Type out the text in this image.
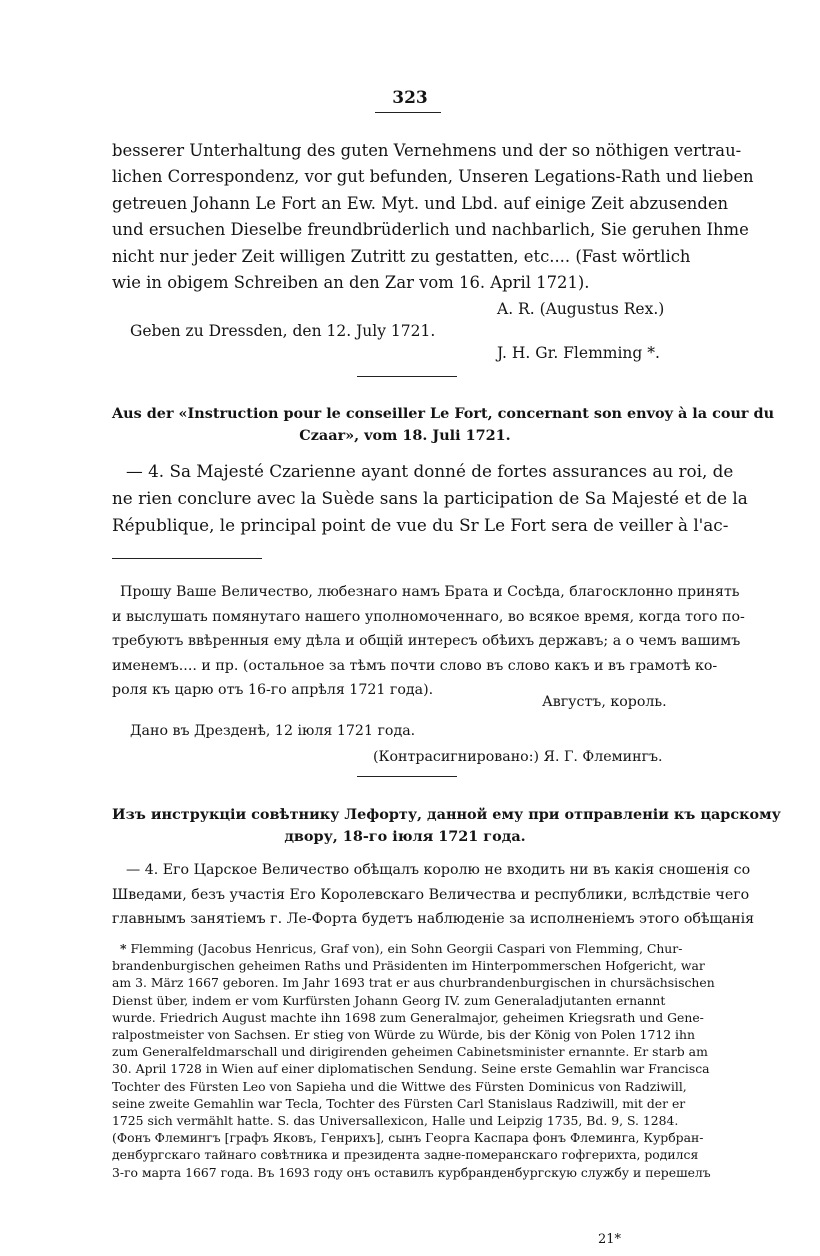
323
besserer Unterhaltung des guten Vernehmens und der so nöthigen vertrau-
lichen Correspondenz, vor gut befunden, Unseren Legations-Rath und lieben
getreuen Johann Le Fort an Ew. Myt. und Lbd. auf einige Zeit abzusenden
und ersuchen Dieselbe freundbrüderlich und nachbarlich, Sie geruhen Ihme
nicht nur jeder Zeit willigen Zutritt zu gestatten, etc.... (Fast wörtlich
wie in obigem Schreiben an den Zar vom 16. April 1721).
A. R. (Augustus Rex.)
Geben zu Dressden, den 12. July 1721.
J. H. Gr. Flemming *.
Aus der «Instruction pour le conseiller Le Fort, concernant son envoy à la cour du
Czaar», vom 18. Juli 1721.
— 4. Sa Majesté Czarienne ayant donné de fortes assurances au roi, de
ne rien conclure avec la Suède sans la participation de Sa Majesté et de la
République, le principal point de vue du Sr Le Fort sera de veiller à l'ac-
Прошу Ваше Величество, любезнаго намъ Брата и Сосѣда, благосклонно принять
и выслушать помянутаго нашего уполномоченнаго, во всякое время, когда того по-
требуютъ ввѣренныя ему дѣла и общій интересъ обѣихъ державъ; а о чемъ вашимъ
именемъ.... и пр. (остальное за тѣмъ почти слово въ слово какъ и въ грамотѣ ко-
роля къ царю отъ 16-го апрѣля 1721 года).
Августъ, король.
Дано въ Дрезденѣ, 12 іюля 1721 года.
(Контрасигнировано:) Я. Г. Флемингъ.
Изъ инструкціи совѣтнику Лефорту, данной ему при отправленіи къ царскому
двору, 18-го іюля 1721 года.
— 4. Его Царское Величество обѣщалъ королю не входить ни въ какія сношенія со
Шведами, безъ участія Его Королевскаго Величества и республики, вслѣдствіе чего
главнымъ занятіемъ г. Ле-Форта будетъ наблюденіе за исполненіемъ этого обѣщанія
* Flemming (Jacobus Henricus, Graf von), ein Sohn Georgii Caspari von Flemming, Chur-
brandenburgischen geheimen Raths und Präsidenten im Hinterpommerschen Hofgericht, war
am 3. März 1667 geboren. Im Jahr 1693 trat er aus churbrandenburgischen in chursächsischen
Dienst über, indem er vom Kurfürsten Johann Georg IV. zum Generaladjutanten ernannt
wurde. Friedrich August machte ihn 1698 zum Generalmajor, geheimen Kriegsrath und Gene-
ralpostmeister von Sachsen. Er stieg von Würde zu Würde, bis der König von Polen 1712 ihn
zum Generalfeldmarschall und dirigirenden geheimen Cabinetsminister ernannte. Er starb am
30. April 1728 in Wien auf einer diplomatischen Sendung. Seine erste Gemahlin war Francisca
Tochter des Fürsten Leo von Sapieha und die Wittwe des Fürsten Dominicus von Radziwill,
seine zweite Gemahlin war Tecla, Tochter des Fürsten Carl Stanislaus Radziwill, mit der er
1725 sich vermählt hatte. S. das Universallexicon, Halle und Leipzig 1735, Bd. 9, S. 1284.
(Фонъ Флемингъ [графъ Яковъ, Генрихъ], сынъ Георга Каспара фонъ Флеминга, Курбран-
денбургскаго тайнаго совѣтника и президента задне-померанскаго гофгерихта, родился
3-го марта 1667 года. Въ 1693 году онъ оставилъ курбранденбургскую службу и перешелъ
21*
